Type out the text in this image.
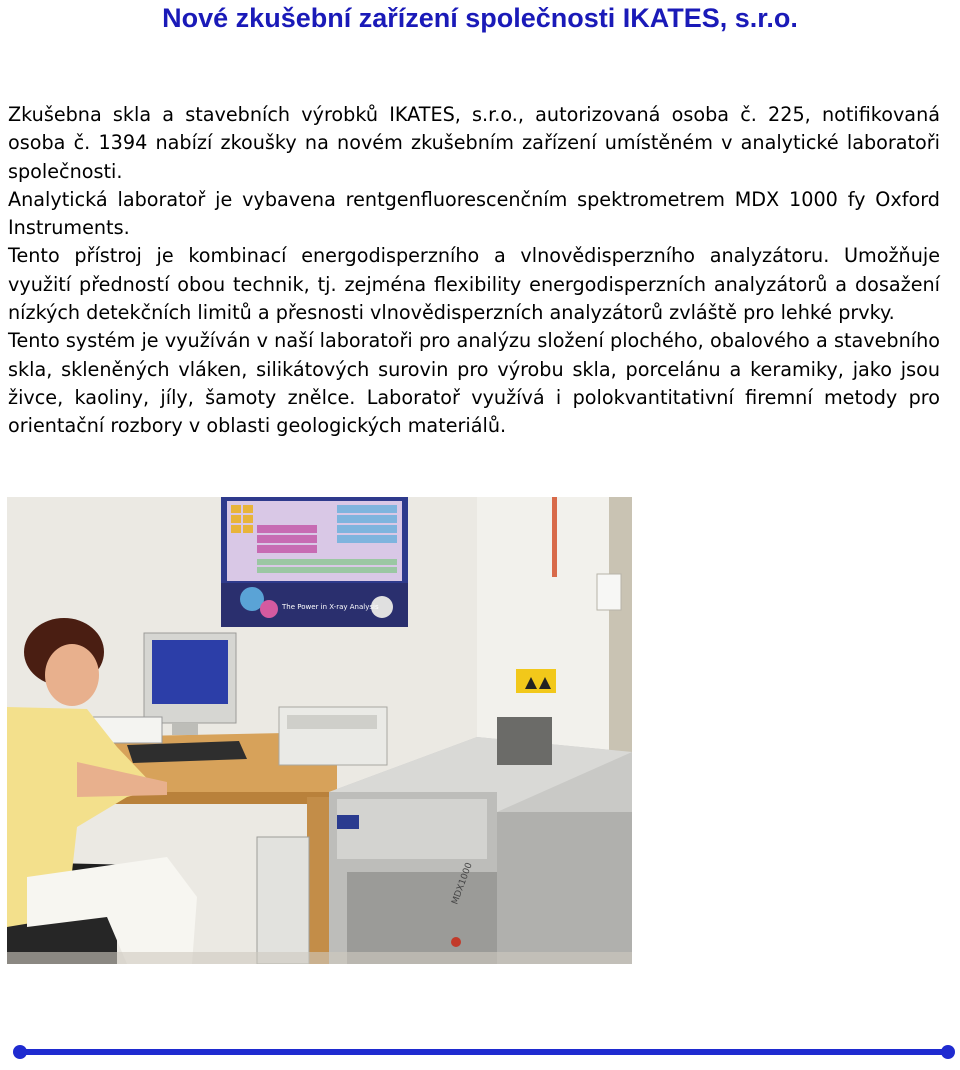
Nové zkušební zařízení společnosti IKATES, s.r.o.

Zkušebna skla a stavebních výrobků IKATES, s.r.o., autorizovaná osoba č. 225, notifikovaná osoba č. 1394 nabízí zkoušky na novém zkušebním zařízení umístěném v analytické laboratoři společnosti.

Analytická laboratoř je vybavena rentgenfluorescenčním spektrometrem MDX 1000 fy Oxford Instruments.

Tento přístroj je kombinací energodisperzního a vlnovědisperzního analyzátoru. Umožňuje využití předností obou technik, tj. zejména flexibility energodisperzních analyzátorů a dosažení nízkých detekčních limitů a přesnosti vlnovědisperzních analyzátorů zvláště pro lehké prvky.

Tento systém je využíván v naší laboratoři pro analýzu složení plochého, obalového a stavebního skla, skleněných vláken, silikátových surovin pro výrobu skla, porcelánu a keramiky, jako jsou živce, kaoliny, jíly, šamoty znělce. Laboratoř využívá i polokvantitativní firemní metody pro orientační rozbory v oblasti geologických materiálů.

The Power in X-ray Analysis
MDX1000
